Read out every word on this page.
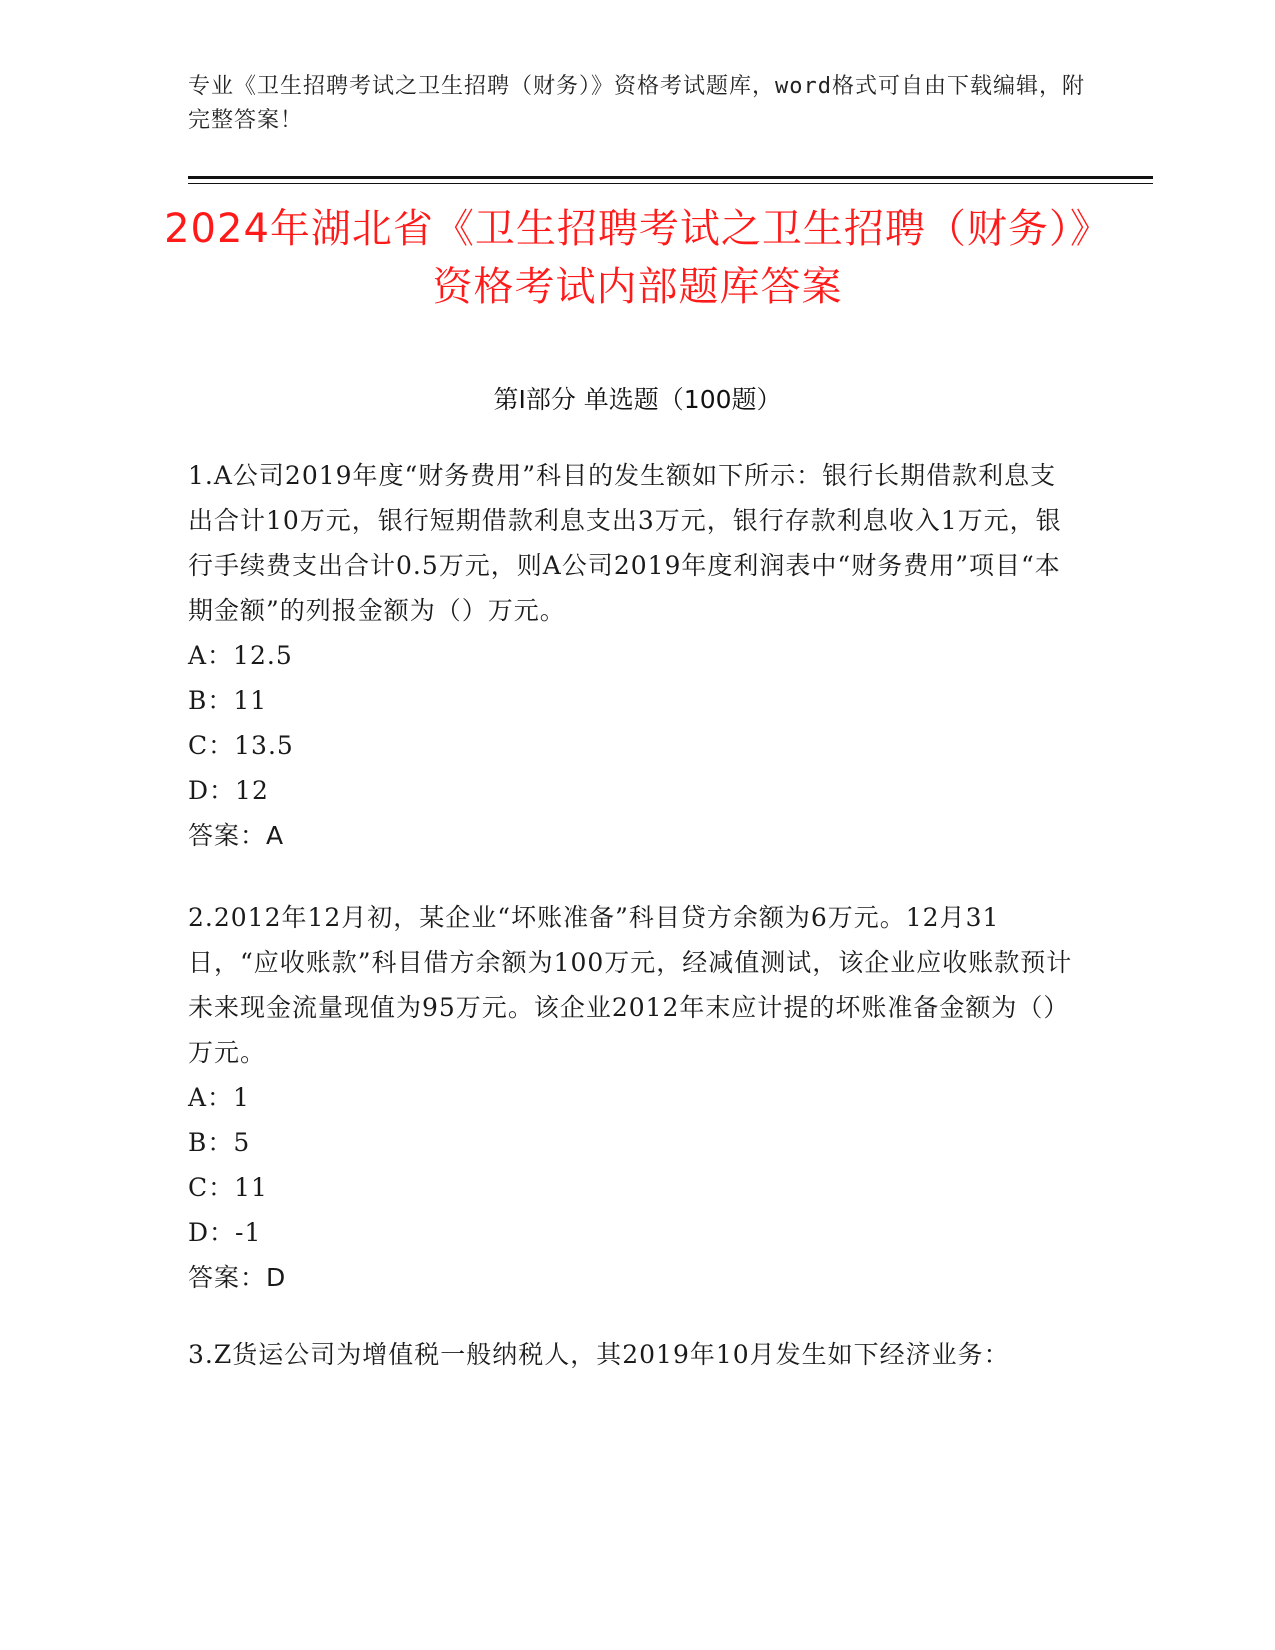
专业《卫生招聘考试之卫生招聘（财务）》资格考试题库，word格式可自由下载编辑，附完整答案！
2024年湖北省《卫生招聘考试之卫生招聘（财务）》资格考试内部题库答案
第I部分 单选题（100题）

1.A公司2019年度“财务费用”科目的发生额如下所示：银行长期借款利息支出合计10万元，银行短期借款利息支出3万元，银行存款利息收入1万元，银行手续费支出合计0.5万元，则A公司2019年度利润表中“财务费用”项目“本期金额”的列报金额为（）万元。

A：12.5

B：11

C：13.5

D：12

答案：A

2.2012年12月初，某企业“坏账准备”科目贷方余额为6万元。12月31日，“应收账款”科目借方余额为100万元，经减值测试，该企业应收账款预计未来现金流量现值为95万元。该企业2012年末应计提的坏账准备金额为（）万元。

A：1

B：5

C：11

D：-1

答案：D

3.Z货运公司为增值税一般纳税人，其2019年10月发生如下经济业务：
